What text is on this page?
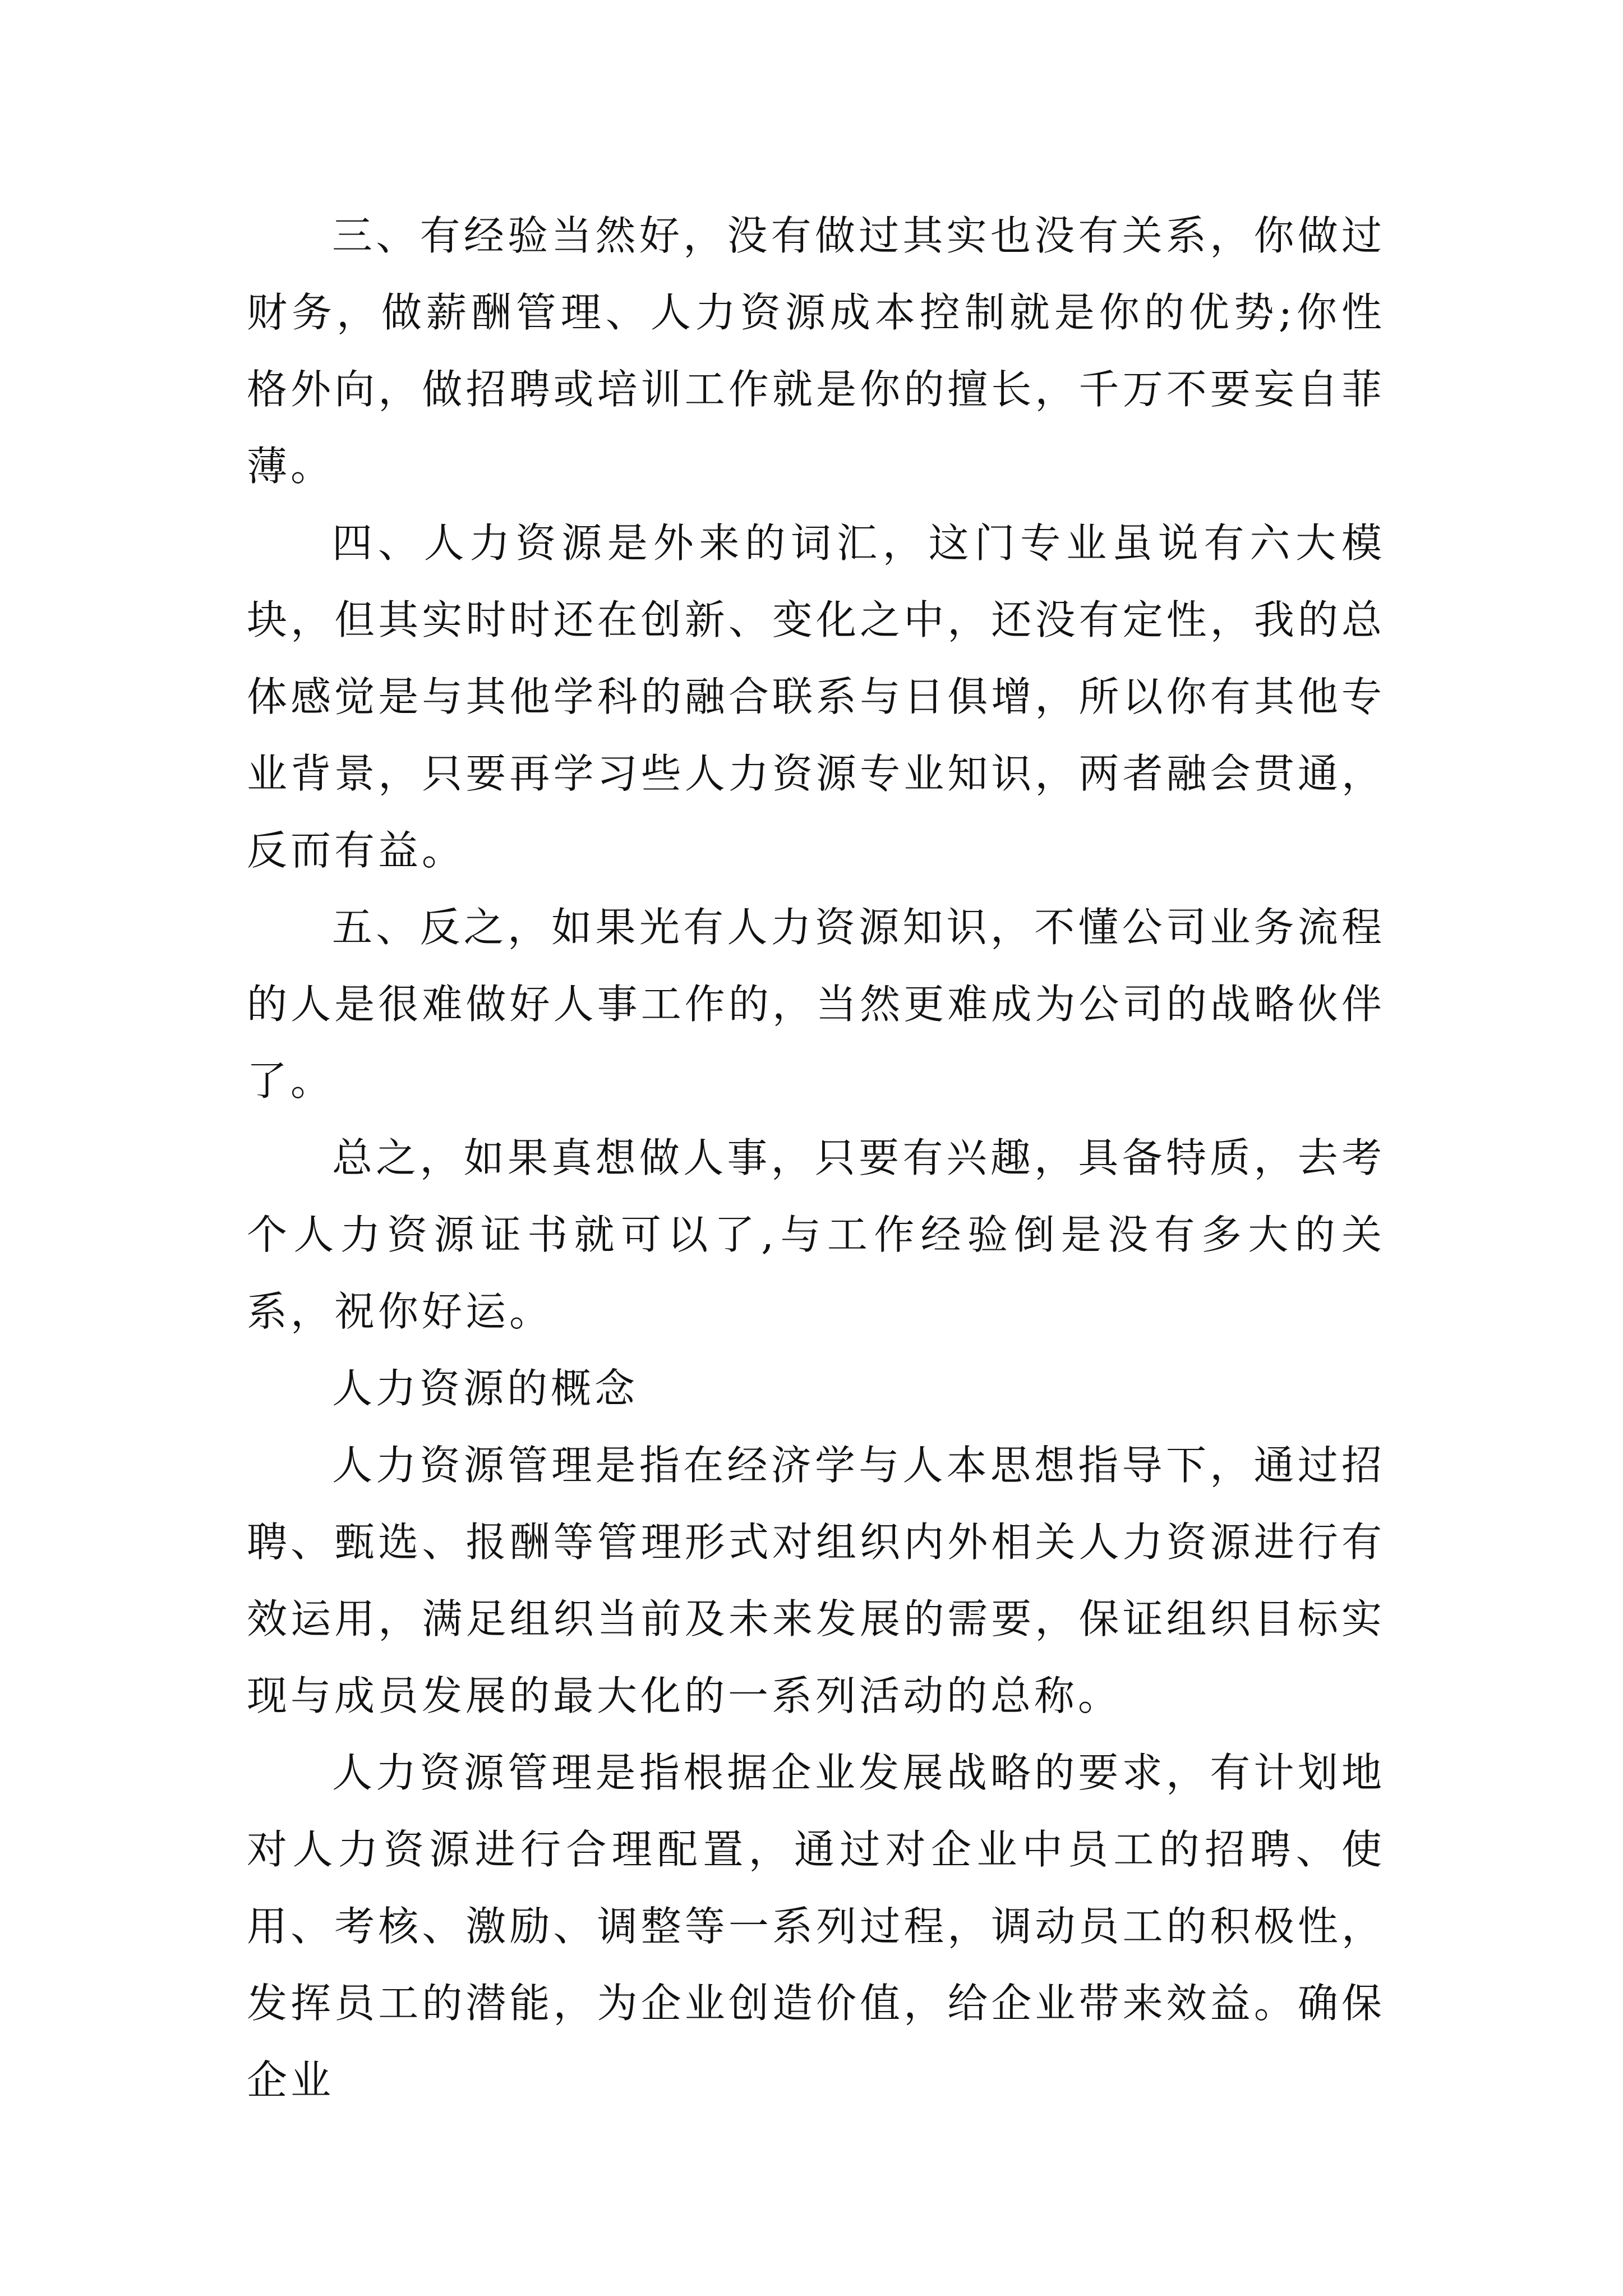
三、有经验当然好，没有做过其实也没有关系，你做过财务，做薪酬管理、人力资源成本控制就是你的优势;你性格外向，做招聘或培训工作就是你的擅长，千万不要妄自菲薄。

四、人力资源是外来的词汇，这门专业虽说有六大模块，但其实时时还在创新、变化之中，还没有定性，我的总体感觉是与其他学科的融合联系与日俱增，所以你有其他专业背景，只要再学习些人力资源专业知识，两者融会贯通，反而有益。

五、反之，如果光有人力资源知识，不懂公司业务流程的人是很难做好人事工作的，当然更难成为公司的战略伙伴了。

总之，如果真想做人事，只要有兴趣，具备特质，去考个人力资源证书就可以了,与工作经验倒是没有多大的关系，祝你好运。

人力资源的概念

人力资源管理是指在经济学与人本思想指导下，通过招聘、甄选、报酬等管理形式对组织内外相关人力资源进行有效运用，满足组织当前及未来发展的需要，保证组织目标实现与成员发展的最大化的一系列活动的总称。

人力资源管理是指根据企业发展战略的要求，有计划地对人力资源进行合理配置，通过对企业中员工的招聘、使用、考核、激励、调整等一系列过程，调动员工的积极性，发挥员工的潜能，为企业创造价值，给企业带来效益。确保企业
